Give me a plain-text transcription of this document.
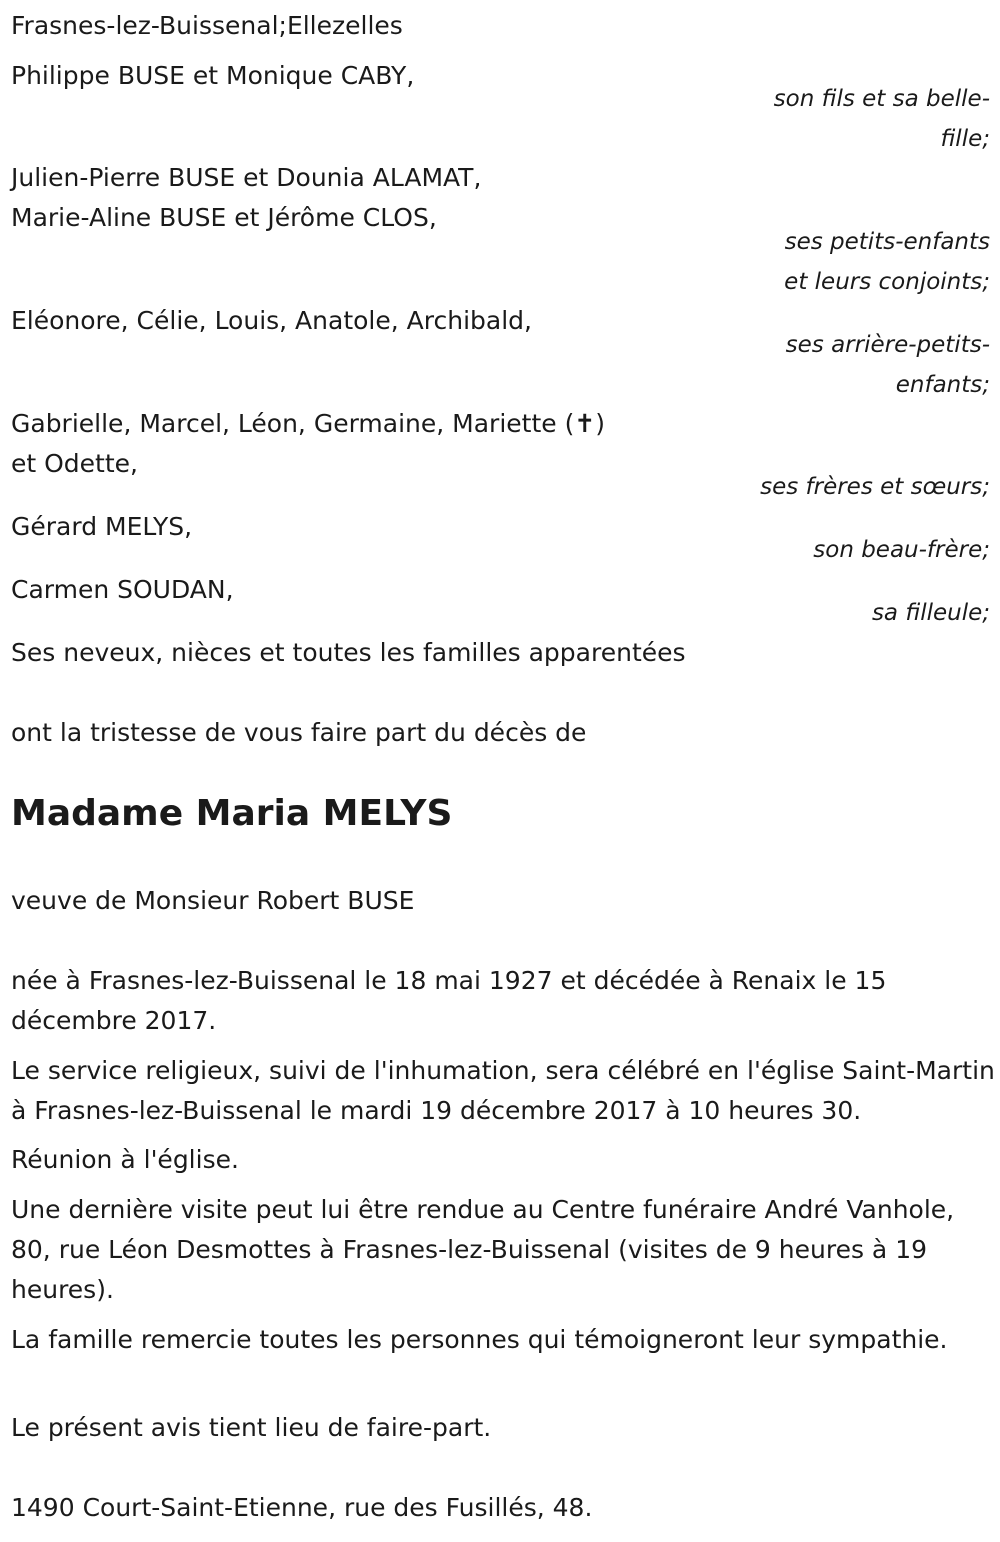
Frasnes-lez-Buissenal;Ellezelles
Philippe BUSE et Monique CABY,
son fils et sa belle-
fille;
Julien-Pierre BUSE et Dounia ALAMAT,
Marie-Aline BUSE et Jérôme CLOS,
ses petits-enfants
et leurs conjoints;
Eléonore, Célie, Louis, Anatole, Archibald,
ses arrière-petits-
enfants;
Gabrielle, Marcel, Léon, Germaine, Mariette (✝)
et Odette,
ses frères et sœurs;
Gérard MELYS,
son beau-frère;
Carmen SOUDAN,
sa filleule;
Ses neveux, nièces et toutes les familles apparentées
ont la tristesse de vous faire part du décès de
Madame Maria MELYS
veuve de Monsieur Robert BUSE
née à Frasnes-lez-Buissenal le 18 mai 1927 et décédée à Renaix le 15 décembre 2017.
Le service religieux, suivi de l'inhumation, sera célébré en l'église Saint-Martin à Frasnes-lez-Buissenal le mardi 19 décembre 2017 à 10 heures 30.
Réunion à l'église.
Une dernière visite peut lui être rendue au Centre funéraire André Vanhole, 80, rue Léon Desmottes à Frasnes-lez-Buissenal (visites de 9 heures à 19 heures).
La famille remercie toutes les personnes qui témoigneront leur sympathie.
Le présent avis tient lieu de faire-part.
1490 Court-Saint-Etienne, rue des Fusillés, 48.
